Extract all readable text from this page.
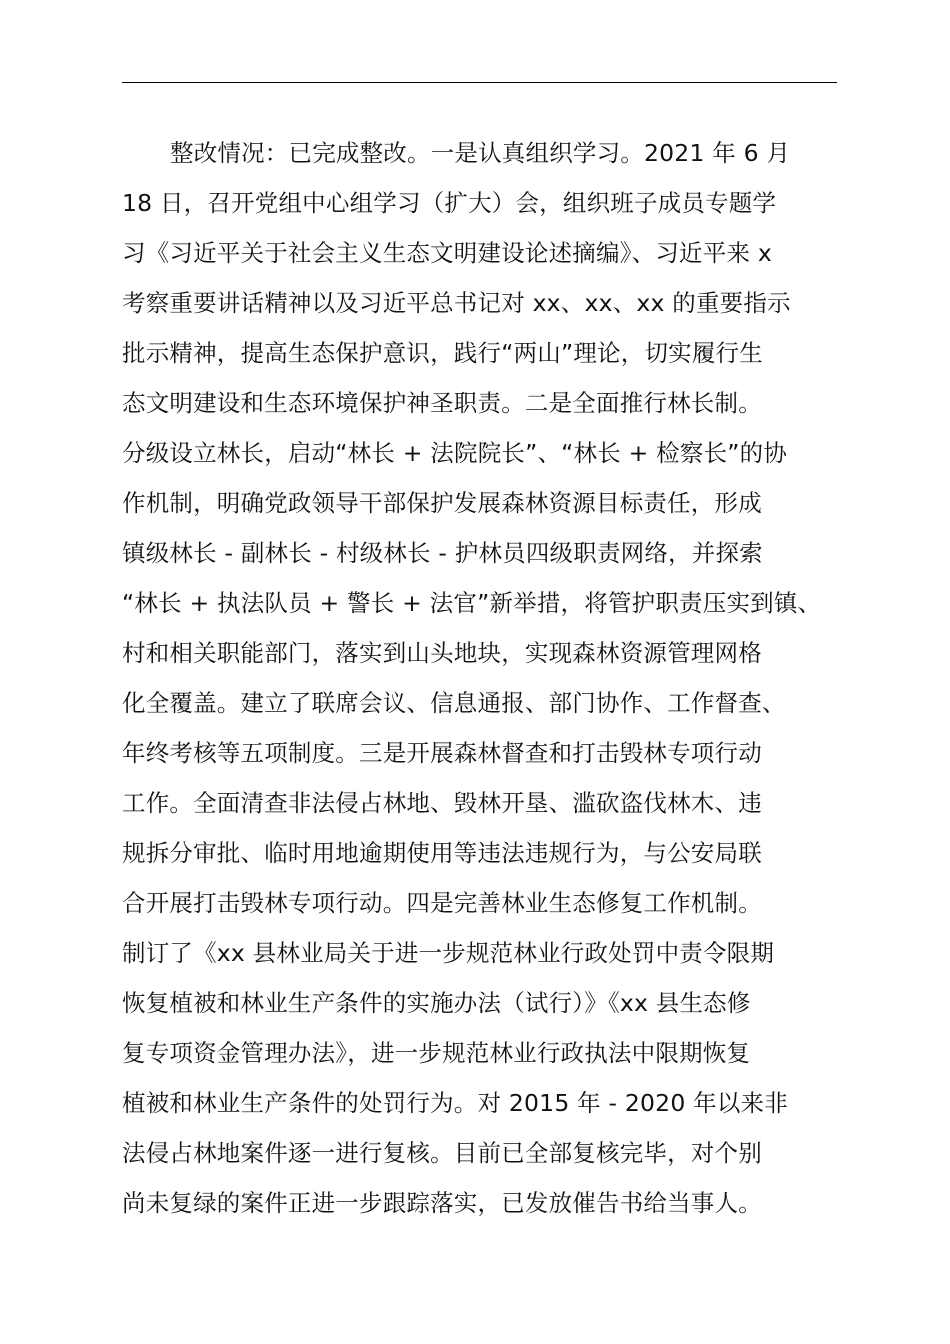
整改情况：已完成整改。一是认真组织学习。2021 年 6 月
18 日，召开党组中心组学习（扩大）会，组织班子成员专题学
习《习近平关于社会主义生态文明建设论述摘编》、习近平来 x
考察重要讲话精神以及习近平总书记对 xx、xx、xx 的重要指示
批示精神，提高生态保护意识，践行“两山”理论，切实履行生
态文明建设和生态环境保护神圣职责。二是全面推行林长制。
分级设立林长，启动“林长 + 法院院长”、“林长 + 检察长”的协
作机制，明确党政领导干部保护发展森林资源目标责任，形成
镇级林长 - 副林长 - 村级林长 - 护林员四级职责网络，并探索
“林长 + 执法队员 + 警长 + 法官”新举措，将管护职责压实到镇、
村和相关职能部门，落实到山头地块，实现森林资源管理网格
化全覆盖。建立了联席会议、信息通报、部门协作、工作督查、
年终考核等五项制度。三是开展森林督查和打击毁林专项行动
工作。全面清查非法侵占林地、毁林开垦、滥砍盗伐林木、违
规拆分审批、临时用地逾期使用等违法违规行为，与公安局联
合开展打击毁林专项行动。四是完善林业生态修复工作机制。
制订了《xx 县林业局关于进一步规范林业行政处罚中责令限期
恢复植被和林业生产条件的实施办法（试行）》《xx 县生态修
复专项资金管理办法》，进一步规范林业行政执法中限期恢复
植被和林业生产条件的处罚行为。对 2015 年 - 2020 年以来非
法侵占林地案件逐一进行复核。目前已全部复核完毕，对个别
尚未复绿的案件正进一步跟踪落实，已发放催告书给当事人。
